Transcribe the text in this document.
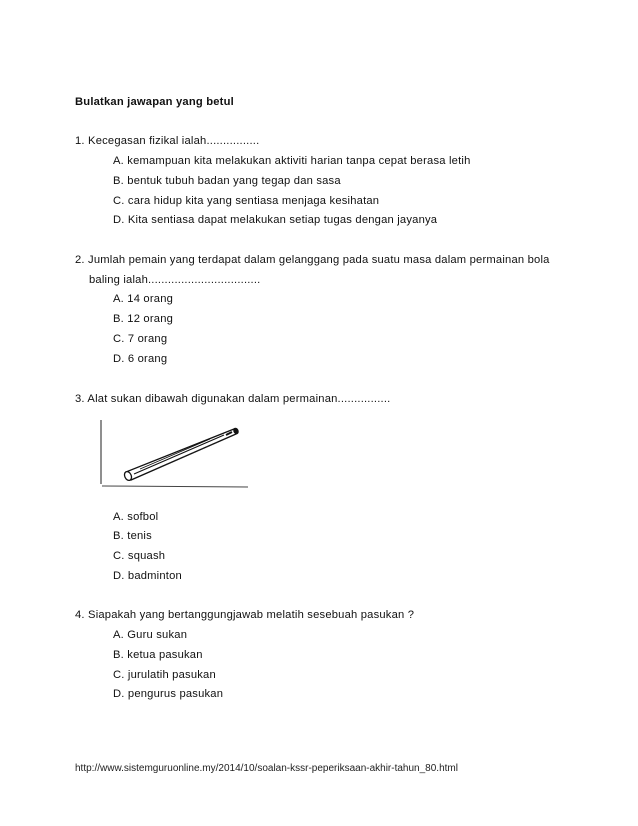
Bulatkan jawapan yang betul
1. Kecegasan fizikal ialah................
A. kemampuan kita melakukan aktiviti harian tanpa cepat berasa letih
B. bentuk tubuh badan yang tegap dan sasa
C. cara hidup kita yang sentiasa menjaga kesihatan
D. Kita sentiasa dapat melakukan setiap tugas dengan jayanya
2. Jumlah pemain yang terdapat dalam gelanggang pada suatu masa dalam permainan bola
baling ialah..................................
A. 14 orang
B. 12 orang
C. 7 orang
D. 6 orang
3. Alat sukan dibawah digunakan dalam permainan................
A. sofbol
B. tenis
C. squash
D. badminton
4. Siapakah yang bertanggungjawab melatih sesebuah pasukan ?
A. Guru sukan
B. ketua pasukan
C. jurulatih pasukan
D. pengurus pasukan
http://www.sistemguruonline.my/2014/10/soalan-kssr-peperiksaan-akhir-tahun_80.html
